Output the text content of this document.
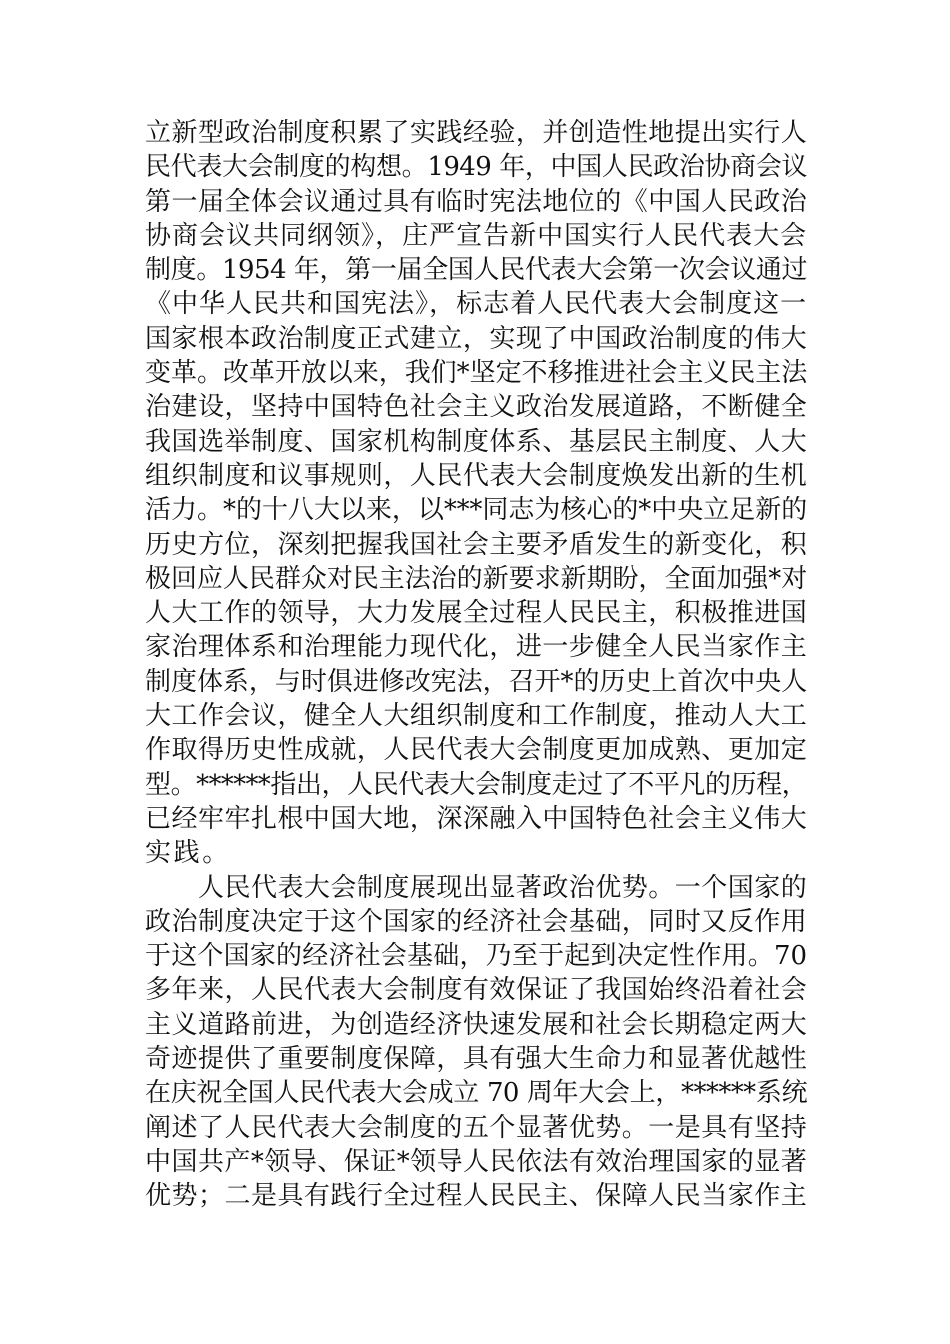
立新型政治制度积累了实践经验，并创造性地提出实行人
民代表大会制度的构想。1949 年，中国人民政治协商会议
第一届全体会议通过具有临时宪法地位的《中国人民政治
协商会议共同纲领》，庄严宣告新中国实行人民代表大会
制度。1954 年，第一届全国人民代表大会第一次会议通过
《中华人民共和国宪法》，标志着人民代表大会制度这一
国家根本政治制度正式建立，实现了中国政治制度的伟大
变革。改革开放以来，我们*坚定不移推进社会主义民主法
治建设，坚持中国特色社会主义政治发展道路，不断健全
我国选举制度、国家机构制度体系、基层民主制度、人大
组织制度和议事规则，人民代表大会制度焕发出新的生机
活力。*的十八大以来，以***同志为核心的*中央立足新的
历史方位，深刻把握我国社会主要矛盾发生的新变化，积
极回应人民群众对民主法治的新要求新期盼，全面加强*对
人大工作的领导，大力发展全过程人民民主，积极推进国
家治理体系和治理能力现代化，进一步健全人民当家作主
制度体系，与时俱进修改宪法，召开*的历史上首次中央人
大工作会议，健全人大组织制度和工作制度，推动人大工
作取得历史性成就，人民代表大会制度更加成熟、更加定
型。******指出，人民代表大会制度走过了不平凡的历程，
已经牢牢扎根中国大地，深深融入中国特色社会主义伟大
实践。
　　人民代表大会制度展现出显著政治优势。一个国家的
政治制度决定于这个国家的经济社会基础，同时又反作用
于这个国家的经济社会基础，乃至于起到决定性作用。70
多年来，人民代表大会制度有效保证了我国始终沿着社会
主义道路前进，为创造经济快速发展和社会长期稳定两大
奇迹提供了重要制度保障，具有强大生命力和显著优越性
在庆祝全国人民代表大会成立 70 周年大会上，******系统
阐述了人民代表大会制度的五个显著优势。一是具有坚持
中国共产*领导、保证*领导人民依法有效治理国家的显著
优势；二是具有践行全过程人民民主、保障人民当家作主
